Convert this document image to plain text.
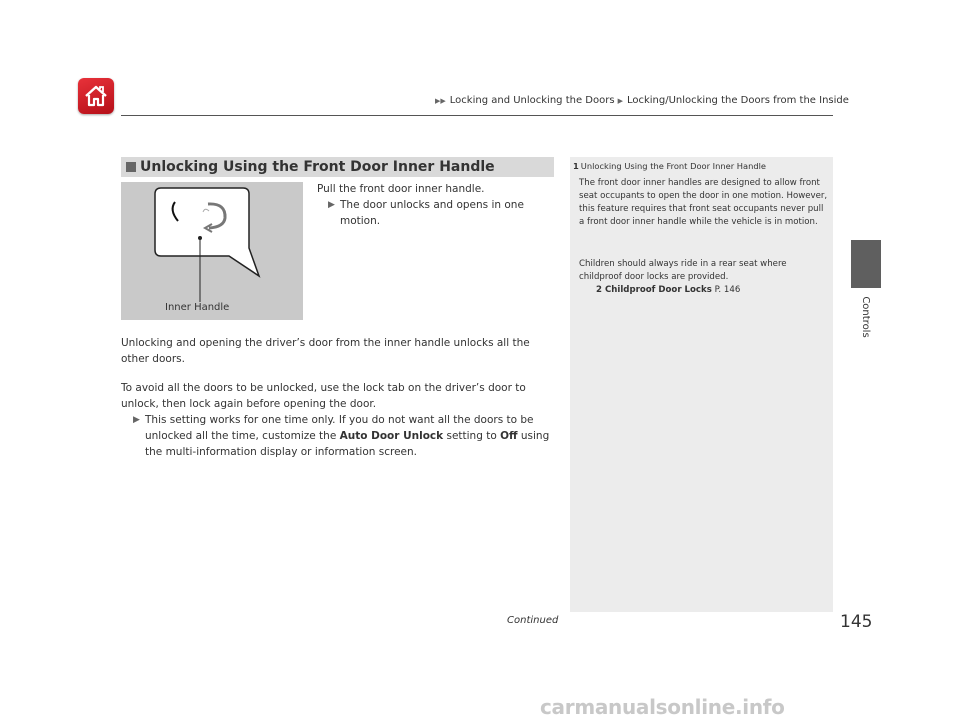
▶▶ Locking and Unlocking the Doors ▶ Locking/Unlocking the Doors from the Inside
Controls
Unlocking Using the Front Door Inner Handle
Inner Handle
Pull the front door inner handle.
▶ The door unlocks and opens in one motion.
Unlocking and opening the driver’s door from the inner handle unlocks all the other doors.
To avoid all the doors to be unlocked, use the lock tab on the driver’s door to unlock, then lock again before opening the door.
▶ This setting works for one time only. If you do not want all the doors to be unlocked all the time, customize the Auto Door Unlock setting to Off using the multi-information display or information screen.
1 Unlocking Using the Front Door Inner Handle
The front door inner handles are designed to allow front seat occupants to open the door in one motion. However, this feature requires that front seat occupants never pull a front door inner handle while the vehicle is in motion.
Children should always ride in a rear seat where childproof door locks are provided.
2 Childproof Door Locks P. 146
Continued	145
carmanualsonline.info
